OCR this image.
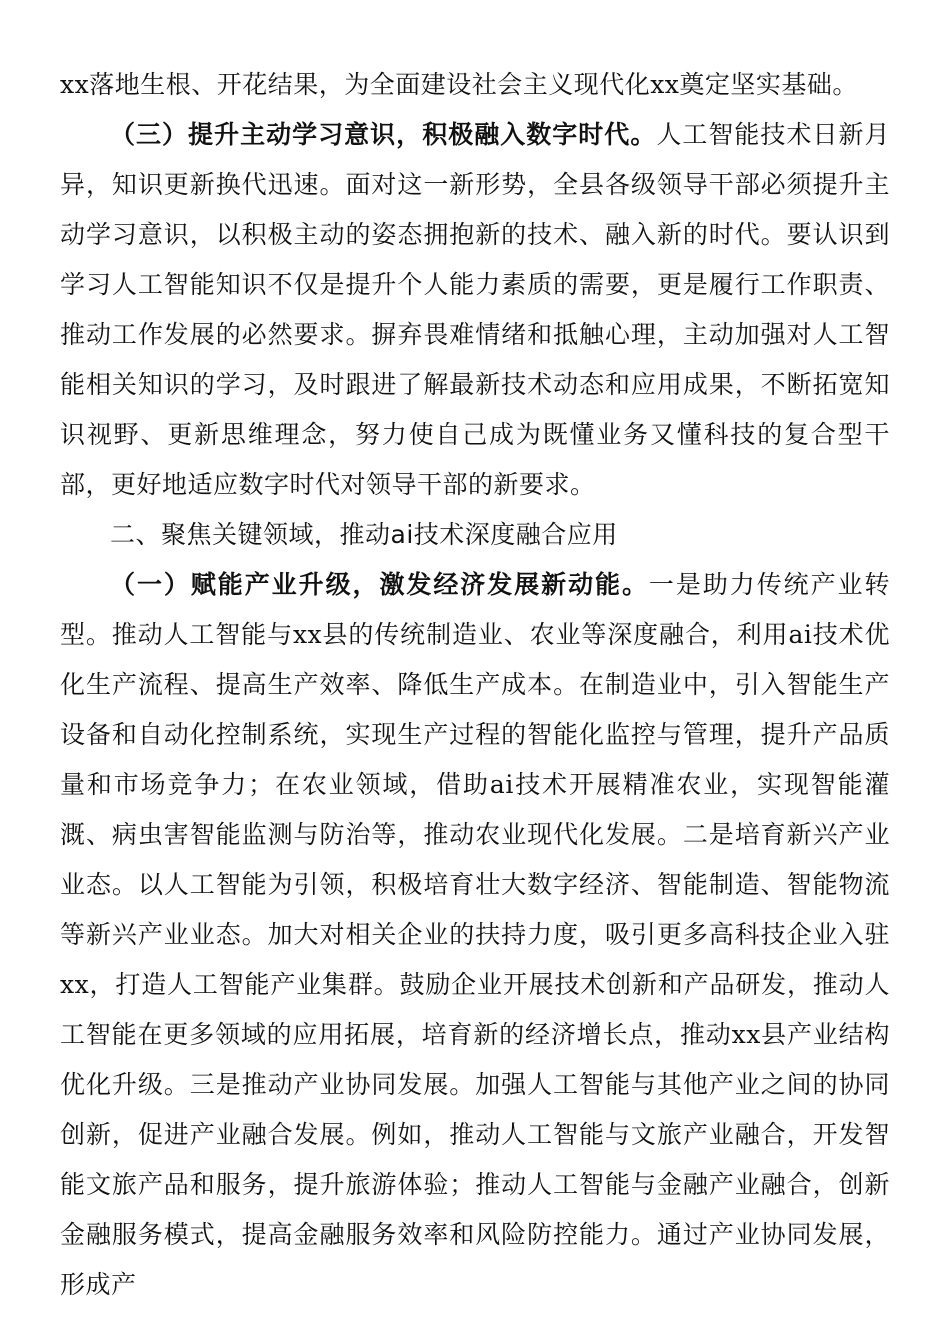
xx落地生根、开花结果，为全面建设社会主义现代化xx奠定坚实基础。

（三）提升主动学习意识，积极融入数字时代。人工智能技术日新月异，知识更新换代迅速。面对这一新形势，全县各级领导干部必须提升主动学习意识，以积极主动的姿态拥抱新的技术、融入新的时代。要认识到学习人工智能知识不仅是提升个人能力素质的需要，更是履行工作职责、推动工作发展的必然要求。摒弃畏难情绪和抵触心理，主动加强对人工智能相关知识的学习，及时跟进了解最新技术动态和应用成果，不断拓宽知识视野、更新思维理念，努力使自己成为既懂业务又懂科技的复合型干部，更好地适应数字时代对领导干部的新要求。

二、聚焦关键领域，推动ai技术深度融合应用

（一）赋能产业升级，激发经济发展新动能。一是助力传统产业转型。推动人工智能与xx县的传统制造业、农业等深度融合，利用ai技术优化生产流程、提高生产效率、降低生产成本。在制造业中，引入智能生产设备和自动化控制系统，实现生产过程的智能化监控与管理，提升产品质量和市场竞争力；在农业领域，借助ai技术开展精准农业，实现智能灌溉、病虫害智能监测与防治等，推动农业现代化发展。二是培育新兴产业业态。以人工智能为引领，积极培育壮大数字经济、智能制造、智能物流等新兴产业业态。加大对相关企业的扶持力度，吸引更多高科技企业入驻xx，打造人工智能产业集群。鼓励企业开展技术创新和产品研发，推动人工智能在更多领域的应用拓展，培育新的经济增长点，推动xx县产业结构优化升级。三是推动产业协同发展。加强人工智能与其他产业之间的协同创新，促进产业融合发展。例如，推动人工智能与文旅产业融合，开发智能文旅产品和服务，提升旅游体验；推动人工智能与金融产业融合，创新金融服务模式，提高金融服务效率和风险防控能力。通过产业协同发展，形成产
